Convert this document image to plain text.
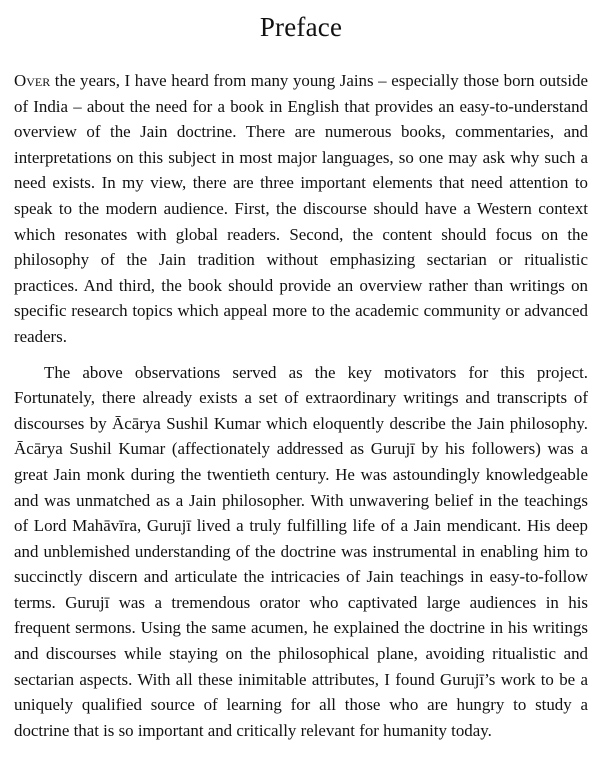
Preface

Over the years, I have heard from many young Jains – especially those born outside of India – about the need for a book in English that provides an easy-to-understand overview of the Jain doctrine. There are numerous books, commentaries, and interpretations on this subject in most major languages, so one may ask why such a need exists. In my view, there are three important elements that need attention to speak to the modern audience. First, the discourse should have a Western context which resonates with global readers. Second, the content should focus on the philosophy of the Jain tradition without emphasizing sectarian or ritualistic practices. And third, the book should provide an overview rather than writings on specific research topics which appeal more to the academic community or advanced readers.

The above observations served as the key motivators for this project. Fortunately, there already exists a set of extraordinary writings and transcripts of discourses by Ācārya Sushil Kumar which eloquently describe the Jain philosophy. Ācārya Sushil Kumar (affectionately addressed as Gurujī by his followers) was a great Jain monk during the twentieth century. He was astoundingly knowledgeable and was unmatched as a Jain philosopher. With unwavering belief in the teachings of Lord Mahāvīra, Gurujī lived a truly fulfilling life of a Jain mendicant. His deep and unblemished understanding of the doctrine was instrumental in enabling him to succinctly discern and articulate the intricacies of Jain teachings in easy-to-follow terms. Gurujī was a tremendous orator who captivated large audiences in his frequent sermons. Using the same acumen, he explained the doctrine in his writings and discourses while staying on the philosophical plane, avoiding ritualistic and sectarian aspects. With all these inimitable attributes, I found Gurujī’s work to be a uniquely qualified source of learning for all those who are hungry to study a doctrine that is so important and critically relevant for humanity today.
